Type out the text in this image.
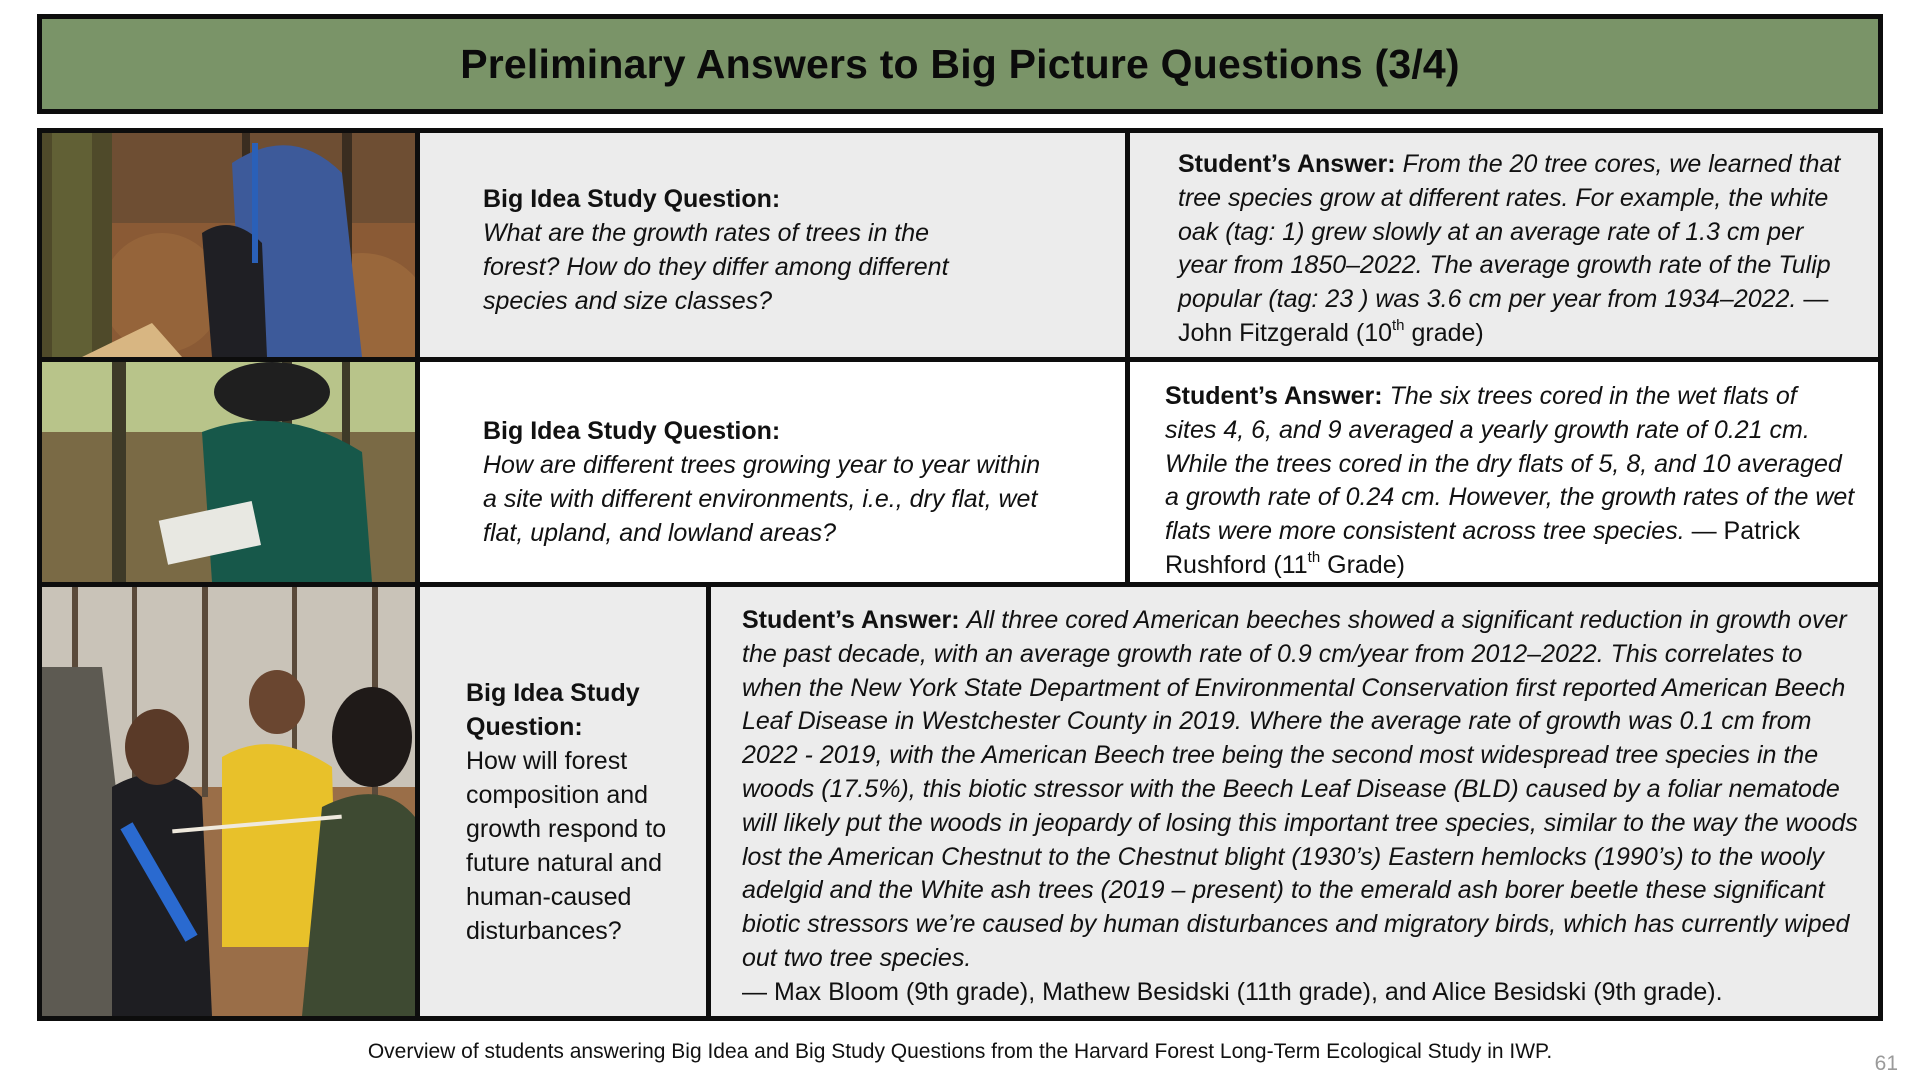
Preliminary Answers to Big Picture Questions (3/4)
Big Idea Study Question:
What are the growth rates of trees in the forest? How do they differ among different species and size classes?
Student’s Answer: From the 20 tree cores, we learned that tree species grow at different rates. For example, the white oak (tag: 1) grew slowly at an average rate of 1.3 cm per year from 1850–2022. The average growth rate of the Tulip popular (tag: 23 ) was 3.6 cm per year from 1934–2022. — John Fitzgerald (10th grade)
Big Idea Study Question:
How are different trees growing year to year within a site with different environments, i.e., dry flat, wet flat, upland, and lowland areas?
Student’s Answer: The six trees cored in the wet flats of sites 4, 6, and 9 averaged a yearly growth rate of 0.21 cm. While the trees cored in the dry flats of 5, 8, and 10 averaged a growth rate of 0.24 cm. However, the growth rates of the wet flats were more consistent across tree species. — Patrick Rushford (11th Grade)
Big Idea Study Question:
How will forest composition and growth respond to future natural and human-caused disturbances?
Student’s Answer: All three cored American beeches showed a significant reduction in growth over the past decade, with an average growth rate of 0.9 cm/year from 2012–2022. This correlates to when the New York State Department of Environmental Conservation first reported American Beech Leaf Disease in Westchester County in 2019. Where the average rate of growth was 0.1 cm from 2022 - 2019, with the American Beech tree being the second most widespread tree species in the woods (17.5%), this biotic stressor with the Beech Leaf Disease (BLD) caused by a foliar nematode will likely put the woods in jeopardy of losing this important tree species, similar to the way the woods lost the American Chestnut to the Chestnut blight (1930’s) Eastern hemlocks (1990’s) to the wooly adelgid and the White ash trees (2019 – present) to the emerald ash borer beetle these significant biotic stressors we’re caused by human disturbances and migratory birds, which has currently wiped out two tree species.
— Max Bloom (9th grade), Mathew Besidski (11th grade), and Alice Besidski (9th grade).
Overview of students answering Big Idea and Big Study Questions from the Harvard Forest Long-Term Ecological Study in IWP.
61
